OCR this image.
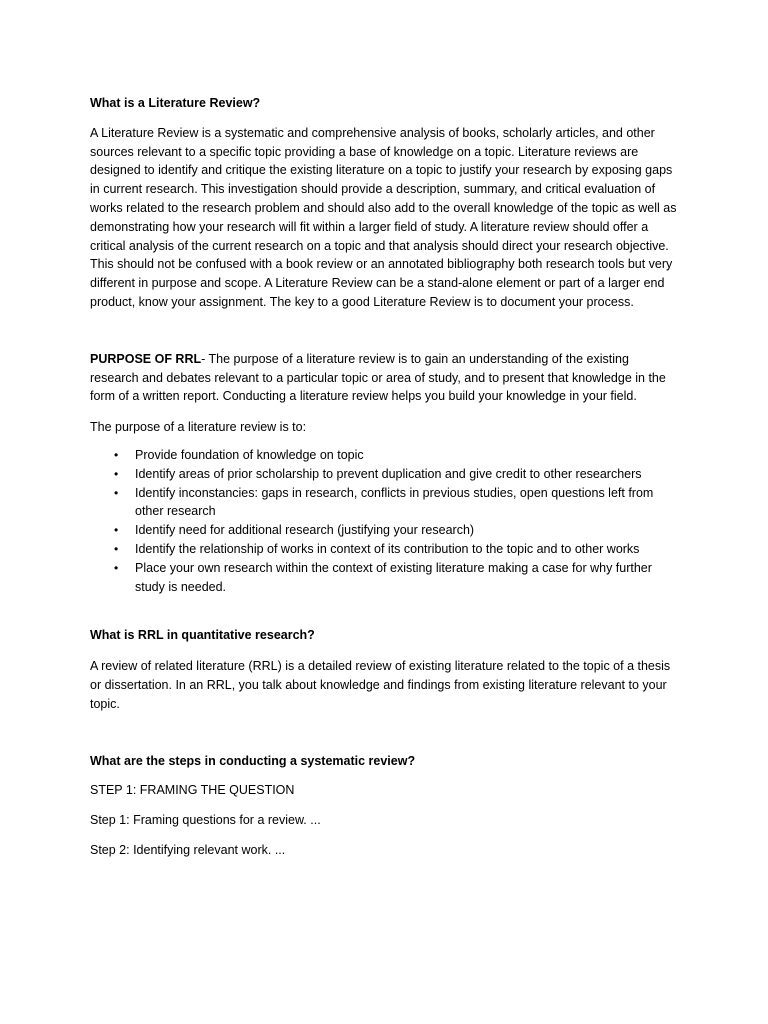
What is a Literature Review?

A Literature Review is a systematic and comprehensive analysis of books, scholarly articles, and other sources relevant to a specific topic providing a base of knowledge on a topic. Literature reviews are designed to identify and critique the existing literature on a topic to justify your research by exposing gaps in current research. This investigation should provide a description, summary, and critical evaluation of works related to the research problem and should also add to the overall knowledge of the topic as well as demonstrating how your research will fit within a larger field of study. A literature review should offer a critical analysis of the current research on a topic and that analysis should direct your research objective. This should not be confused with a book review or an annotated bibliography both research tools but very different in purpose and scope. A Literature Review can be a stand-alone element or part of a larger end product, know your assignment. The key to a good Literature Review is to document your process.

PURPOSE OF RRL- The purpose of a literature review is to gain an understanding of the existing research and debates relevant to a particular topic or area of study, and to present that knowledge in the form of a written report. Conducting a literature review helps you build your knowledge in your field.

The purpose of a literature review is to:

• Provide foundation of knowledge on topic
• Identify areas of prior scholarship to prevent duplication and give credit to other researchers
• Identify inconstancies: gaps in research, conflicts in previous studies, open questions left from other research
• Identify need for additional research (justifying your research)
• Identify the relationship of works in context of its contribution to the topic and to other works
• Place your own research within the context of existing literature making a case for why further study is needed.

What is RRL in quantitative research?

A review of related literature (RRL) is a detailed review of existing literature related to the topic of a thesis or dissertation. In an RRL, you talk about knowledge and findings from existing literature relevant to your topic.

What are the steps in conducting a systematic review?

STEP 1: FRAMING THE QUESTION

Step 1: Framing questions for a review. ...

Step 2: Identifying relevant work. ...
